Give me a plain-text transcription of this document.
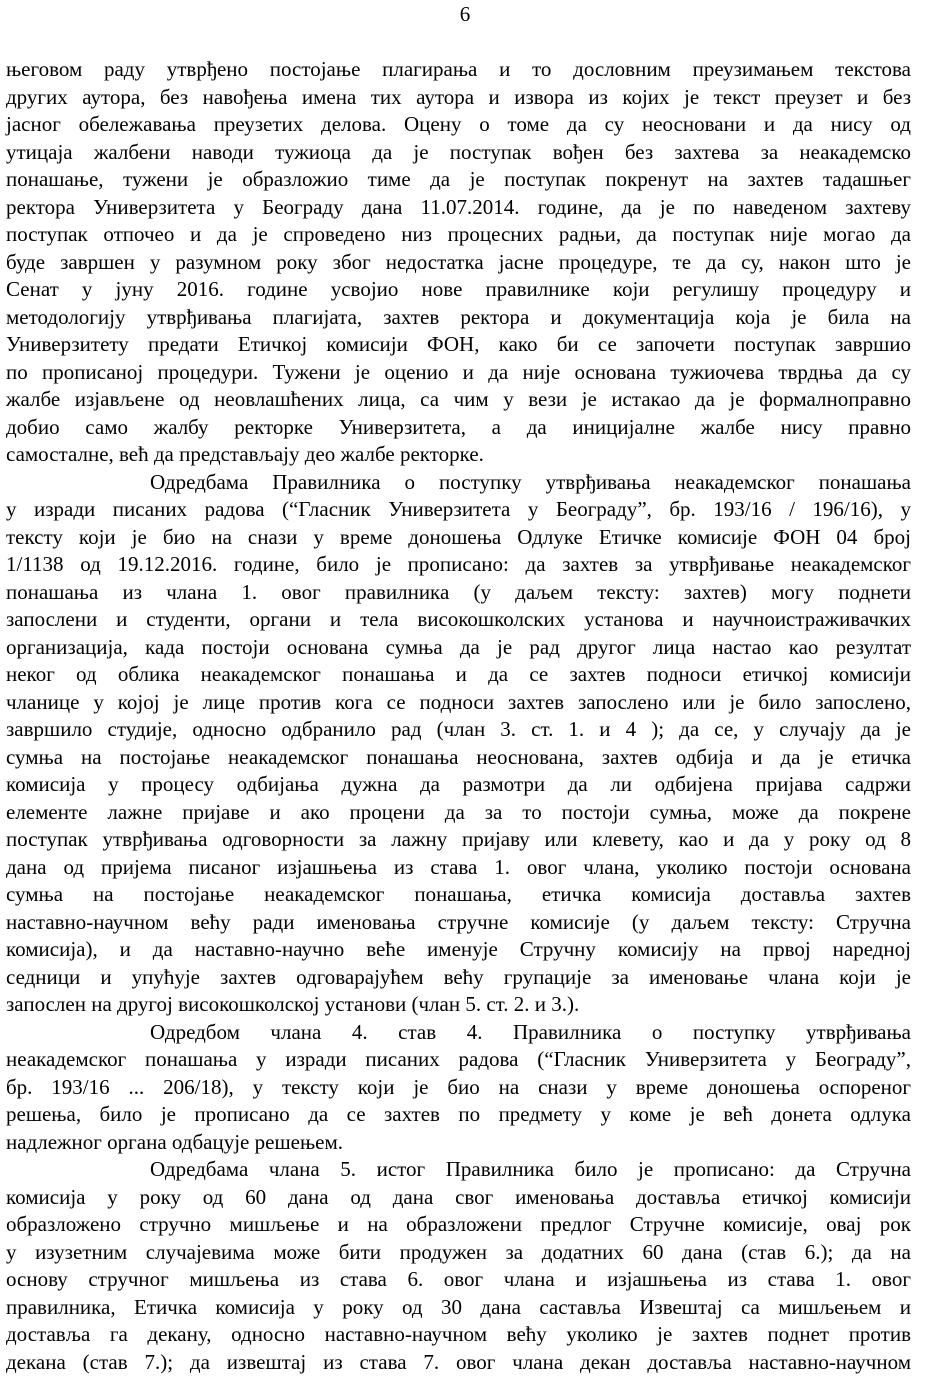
6
његовом раду утврђено постојање плагирања и то дословним преузимањем текстова
других аутора, без навођења имена тих аутора и извора из којих је текст преузет и без
јасног обележавања преузетих делова. Оцену о томе да су неосновани и да нису од
утицаја жалбени наводи тужиоца да је поступак вођен без захтева за неакадемско
понашање, тужени је образложио тиме да је поступак покренут на захтев тадашњег
ректора Универзитета у Београду дана 11.07.2014. године, да је по наведеном захтеву
поступак отпочео и да је спроведено низ процесних радњи, да поступак није могао да
буде завршен у разумном року због недостатка јасне процедуре, те да су, након што је
Сенат у јуну 2016. године усвојио нове правилнике који регулишу процедуру и
методологију утврђивања плагијата, захтев ректора и документација која је била на
Универзитету предати Етичкој комисији ФОН, како би се започети поступак завршио
по прописаној процедури. Тужени је оценио и да није основана тужиочева тврдња да су
жалбе изјављене од неовлашћених лица, са чим у вези је истакао да је формалноправно
добио само жалбу ректорке Универзитета, а да иницијалне жалбе нису правно
самосталне, већ да представљају део жалбе ректорке.
Одредбама Правилника о поступку утврђивања неакадемског понашања
у изради писаних радова (“Гласник Универзитета у Београду”, бр. 193/16 / 196/16), у
тексту који је био на снази у време доношења Одлуке Етичке комисије ФОН 04 број
1/1138 од 19.12.2016. године, било је прописано: да захтев за утврђивање неакадемског
понашања из члана 1. овог правилника (у даљем тексту: захтев) могу поднети
запослени и студенти, органи и тела високошколских установа и научноистраживачких
организација, када постоји основана сумња да је рад другог лица настао као резултат
неког од облика неакадемског понашања и да се захтев подноси етичкој комисији
чланице у којој је лице против кога се подноси захтев запослено или је било запослено,
завршило студије, односно одбранило рад (члан 3. ст. 1. и 4 ); да се, у случају да је
сумња на постојање неакадемског понашања неоснована, захтев одбија и да је етичка
комисија у процесу одбијања дужна да размотри да ли одбијена пријава садржи
елементе лажне пријаве и ако процени да за то постоји сумња, може да покрене
поступак утврђивања одговорности за лажну пријаву или клевету, као и да у року од 8
дана од пријема писаног изјашњења из става 1. овог члана, уколико постоји основана
сумња на постојање неакадемског понашања, етичка комисија доставља захтев
наставно-научном већу ради именовања стручне комисије (у даљем тексту: Стручна
комисија), и да наставно-научно веће именује Стручну комисију на првој наредној
седници и упућује захтев одговарајућем већу групације за именовање члана који је
запослен на другој високошколској установи (члан 5. ст. 2. и 3.).
Одредбом члана 4. став 4. Правилника о поступку утврђивања
неакадемског понашања у изради писаних радова (“Гласник Универзитета у Београду”,
бр. 193/16 ... 206/18), у тексту који је био на снази у време доношења оспореног
решења, било је прописано да се захтев по предмету у коме је већ донета одлука
надлежног органа одбацује решењем.
Одредбама члана 5. истог Правилника било је прописано: да Стручна
комисија у року од 60 дана од дана свог именовања доставља етичкој комисији
образложено стручно мишљење и на образложени предлог Стручне комисије, овај рок
у изузетним случајевима може бити продужен за додатних 60 дана (став 6.); да на
основу стручног мишљења из става 6. овог члана и изјашњења из става 1. овог
правилника, Етичка комисија у року од 30 дана саставља Извештај са мишљењем и
доставља га декану, односно наставно-научном већу уколико је захтев поднет против
декана (став 7.); да извештај из става 7. овог члана декан доставља наставно-научном
